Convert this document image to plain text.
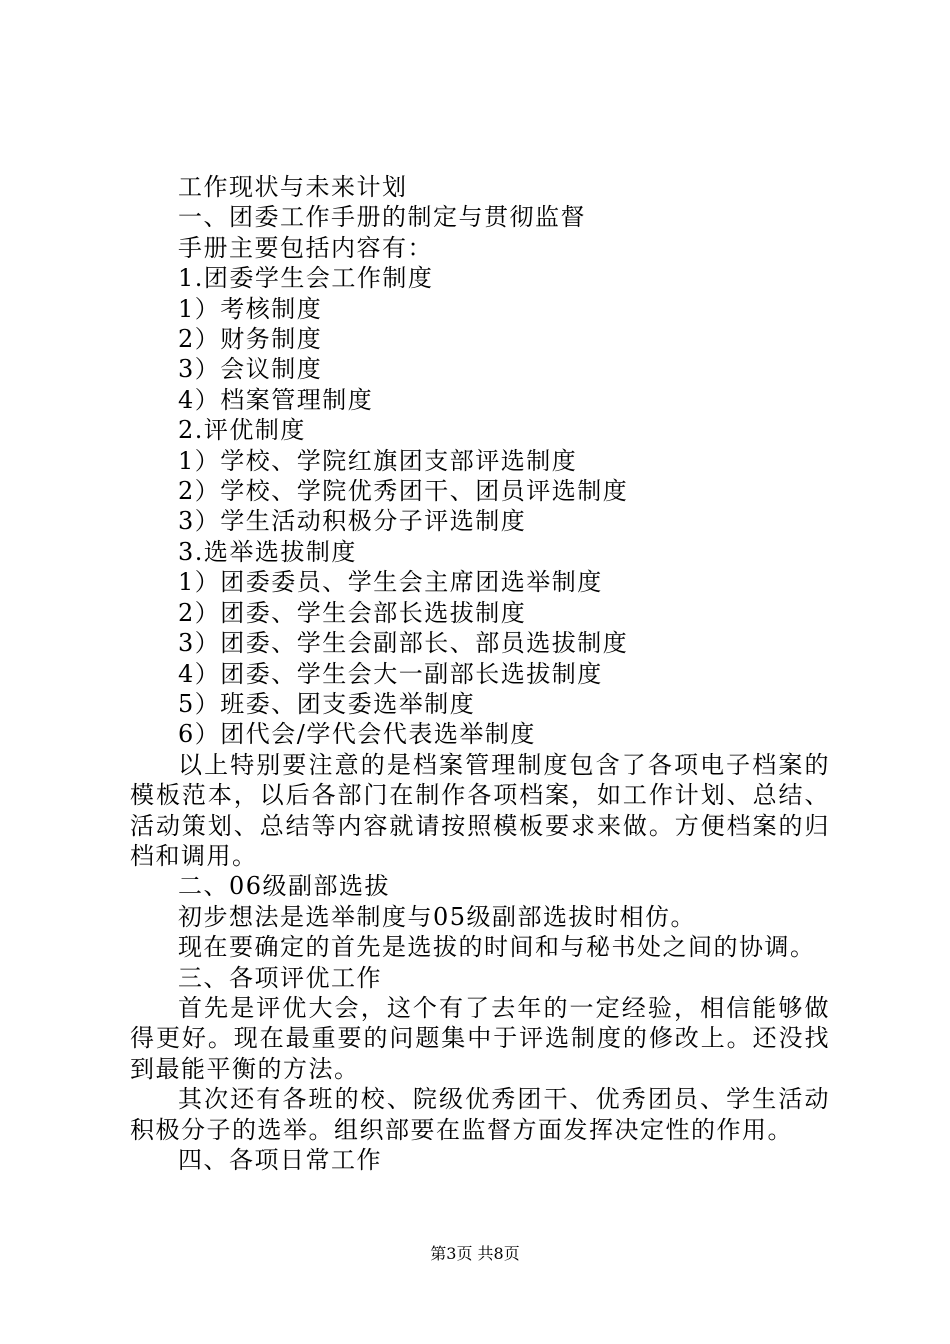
工作现状与未来计划

一、团委工作手册的制定与贯彻监督

手册主要包括内容有：

1.团委学生会工作制度

1）考核制度

2）财务制度

3）会议制度

4）档案管理制度

2.评优制度

1）学校、学院红旗团支部评选制度

2）学校、学院优秀团干、团员评选制度

3）学生活动积极分子评选制度

3.选举选拔制度

1）团委委员、学生会主席团选举制度

2）团委、学生会部长选拔制度

3）团委、学生会副部长、部员选拔制度

4）团委、学生会大一副部长选拔制度

5）班委、团支委选举制度

6）团代会/学代会代表选举制度

以上特别要注意的是档案管理制度包含了各项电子档案的模板范本，以后各部门在制作各项档案，如工作计划、总结、活动策划、总结等内容就请按照模板要求来做。方便档案的归档和调用。

二、06级副部选拔

初步想法是选举制度与05级副部选拔时相仿。

现在要确定的首先是选拔的时间和与秘书处之间的协调。

三、各项评优工作

首先是评优大会，这个有了去年的一定经验，相信能够做得更好。现在最重要的问题集中于评选制度的修改上。还没找到最能平衡的方法。

其次还有各班的校、院级优秀团干、优秀团员、学生活动积极分子的选举。组织部要在监督方面发挥决定性的作用。

四、各项日常工作

第3页 共8页
